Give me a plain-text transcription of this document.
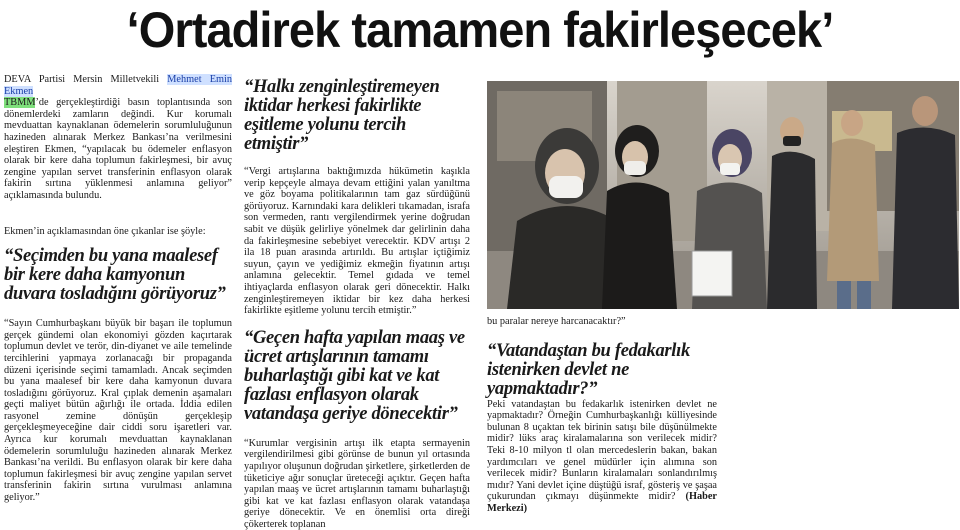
‘Ortadirek tamamen fakirleşecek’

DEVA Partisi Mersin Milletvekili Mehmet Emin Ekmen
TBMM’de gerçekleştirdiği basın toplantısında son dönemlerdeki zamların değindi. Kur korumalı mevduattan kaynaklanan ödemelerin sorumluluğunun hazineden alınarak Merkez Bankası’na verilmesini eleştiren Ekmen, “yapılacak bu ödemeler enflasyon olarak bir kere daha toplumun fakirleşmesi, bir avuç zengine yapılan servet transferinin enflasyon olarak fakirin sırtına yüklenmesi anlamına geliyor” açıklamasında bulundu.

Ekmen’in açıklamasından öne çıkanlar ise şöyle:

“Seçimden bu yana maalesef bir kere daha kamyonun duvara tosladığını görüyoruz”

“Sayın Cumhurbaşkanı büyük bir başarı ile toplumun gerçek gündemi olan ekonomiyi gözden kaçırtarak toplumun devlet ve terör, din-diyanet ve aile temelinde tercihlerini yapmaya zorlanacağı bir propaganda düzeni içerisinde seçimi tamamladı. Ancak seçimden bu yana maalesef bir kere daha kamyonun duvara tosladığını görüyoruz. Kral çıplak demenin aşamaları geçti maliyet bütün ağırlığı ile ortada. İddia edilen rasyonel zemine dönüşün gerçekleşip gerçekleşmeyeceğine dair ciddi soru işaretleri var. Ayrıca kur korumalı mevduattan kaynaklanan ödemelerin sorumluluğu hazineden alınarak Merkez Bankası’na verildi. Bu enflasyon olarak bir kere daha toplumun fakirleşmesi bir avuç zengine yapılan servet transferinin fakirin sırtına vurulması anlamına geliyor.”

“Halkı zenginleştiremeyen iktidar herkesi fakirlikte eşitleme yolunu tercih etmiştir”

“Vergi artışlarına baktığımızda hükümetin kaşıkla verip kepçeyle almaya devam ettiğini yalan yanıltma ve göz boyama politikalarının tam gaz sürdüğünü görüyoruz. Karnındaki kara delikleri tıkamadan, israfa son vermeden, rantı vergilendirmek yerine doğrudan sabit ve düşük gelirliye yönelmek dar gelirlinin daha da fakirleşmesine sebebiyet verecektir. KDV artışı 2 ila 18 puan arasında artırıldı. Bu artışlar içtiğimiz suyun, çayın ve yediğimiz ekmeğin fiyatının artışı anlamına gelecektir. Temel gıdada ve temel ihtiyaçlarda enflasyon olarak geri dönecektir. Halkı zenginleştiremeyen iktidar bir kez daha herkesi fakirlikte eşitleme yolunu tercih etmiştir.”

“Geçen hafta yapılan maaş ve ücret artışlarının tamamı buharlaştığı gibi kat ve kat fazlası enflasyon olarak vatandaşa geriye dönecektir”

“Kurumlar vergisinin artışı ilk etapta sermayenin vergilendirilmesi gibi görünse de bunun yıl ortasında yapılıyor oluşunun doğrudan şirketlere, şirketlerden de tüketiciye ağır sonuçlar üreteceği açıktır. Geçen hafta yapılan maaş ve ücret artışlarının tamamı buharlaştığı gibi kat ve kat fazlası enflasyon olarak vatandaşa geriye dönecektir. Ve en önemlisi orta direği çökerterek toplanan

bu paralar nereye harcanacaktır?”

“Vatandaştan bu fedakarlık istenirken devlet ne yapmaktadır?”

Peki vatandaştan bu fedakarlık istenirken devlet ne yapmaktadır? Örneğin Cumhurbaşkanlığı külliyesinde bulunan 8 uçaktan tek birinin satışı bile düşünülmekte midir? lüks araç kiralamalarına son verilecek midir? Teki 8-10 milyon tl olan mercedeslerin bakan, bakan yardımcıları ve genel müdürler için alımına son verilecek midir? Bunların kiralamaları sonlandırılmış mıdır? Yani devlet içine düştüğü israf, gösteriş ve şaşaa çukurundan çıkmayı düşünmekte midir? (Haber Merkezi)
